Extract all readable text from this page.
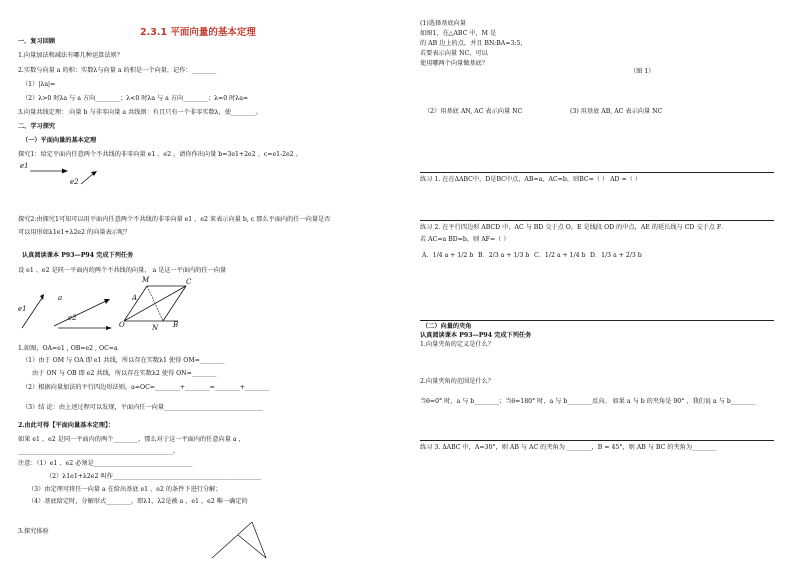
2.3.1 平面向量的基本定理
一、复习回顾
1.向量加法和减法有哪几种运算法则？
2.实数与向量 a 的积：实数λ与向量 a 的积是一个向量，记作：________
（1）|λa|=
（2）λ>0 时λa 与 a 方向________；λ<0 时λa 与 a 方向________；λ=0 时λa=
3.向量共线定理： 向量 b 与非零向量 a 共线则：有且只有一个非零实数λ，使________。
二、学习探究
（一）平面向量的基本定理
探究1：给定平面内任意两个不共线的非零向量 e1 、e2 ，请你作出向量 b=3e1+2e2 、c=e1-2e2 。
e1
e2
探究2:由探究1可知可以用平面内任意两个不共线的非零向量 e1 、e2 来表示向量 b, c 那么平面内的任一向量是否
可以用形如λ1e1+λ2e2 的向量表示呢？
认真阅读课本 P93—P94 完成下列任务
设 e1 、e2 是同一平面内的两个不共线的向量， a 是这一平面内的任一向量
e1
e2
a
M	C
A
O	N B
1.如图，OA=e1 , OB=e2 , OC=a
（1）由于 OM 与 OA 即 e1 共线，所以存在实数λ1 使得 OM=________
由于 ON 与 OB 即 e2 共线，所以存在实数λ2 使得 ON=________
（2）根据向量加法的平行四边形法则，a=OC=________+________=________+________
（3）结 论：由上述过程可以发现，平面内任一向量________________________________
2.由此可得【平面向量基本定理】：
如果 e1 、e2 是同一平面内的两个________，那么对于这一平面内的任意向量 a ，
__________________________________________________。
注意：（1）e1 、e2 必须是________________________________
（2）λ1e1+λ2e2 叫作________________________________________________
（3）由定理可将任一向量 a 在给出基底 e1 、e2 的条件下进行分解；
（4）基底给定时，分解形式________，即λ1，λ2是被 a ，e1 ，e2 唯一确定的
3.探究体验
(1)选择基底向量
如图1，在△ABC 中，M 是
的 AB 边上的点，并且 BN:BA=3:5，
若要表示向量 NC，可以
使用哪两个向量做基底？
（图 1）
（2）用基底 AN, AC 表示向量 NC	(3) 用基底 AB, AC 表示向量 NC
练习 1. 在在ΔABC中，D是BC中点，AB=a，AC=b，则BC=（ ） AD =（ ）
练习 2. 在平行四边形 ABCD 中，AC 与 BD 交于点 O，E 是线段 OD 的中点，AE 的延长线与 CD 交于点 F．
若 AC=a BD=b，则 AF=（ ）
A．1/4 a + 1/2 b B．2/3 a + 1/3 b C．1/2 a + 1/4 b D．1/3 a + 2/3 b
（二）向量的夹角
认真阅读课本 P93—P94 完成下列任务
1.向量夹角的定义是什么？
2.向量夹角的范围是什么？
当θ=0° 时，a 与 b________；当θ=180° 时，a 与 b________反向。 如果 a 与 b 的夹角是 90° ，我们说 a 与 b________
练习 3. ΔABC 中，A=30°，则 AB 与 AC 的夹角为 ________，B = 45°，则 AB 与 BC 的夹角为________
